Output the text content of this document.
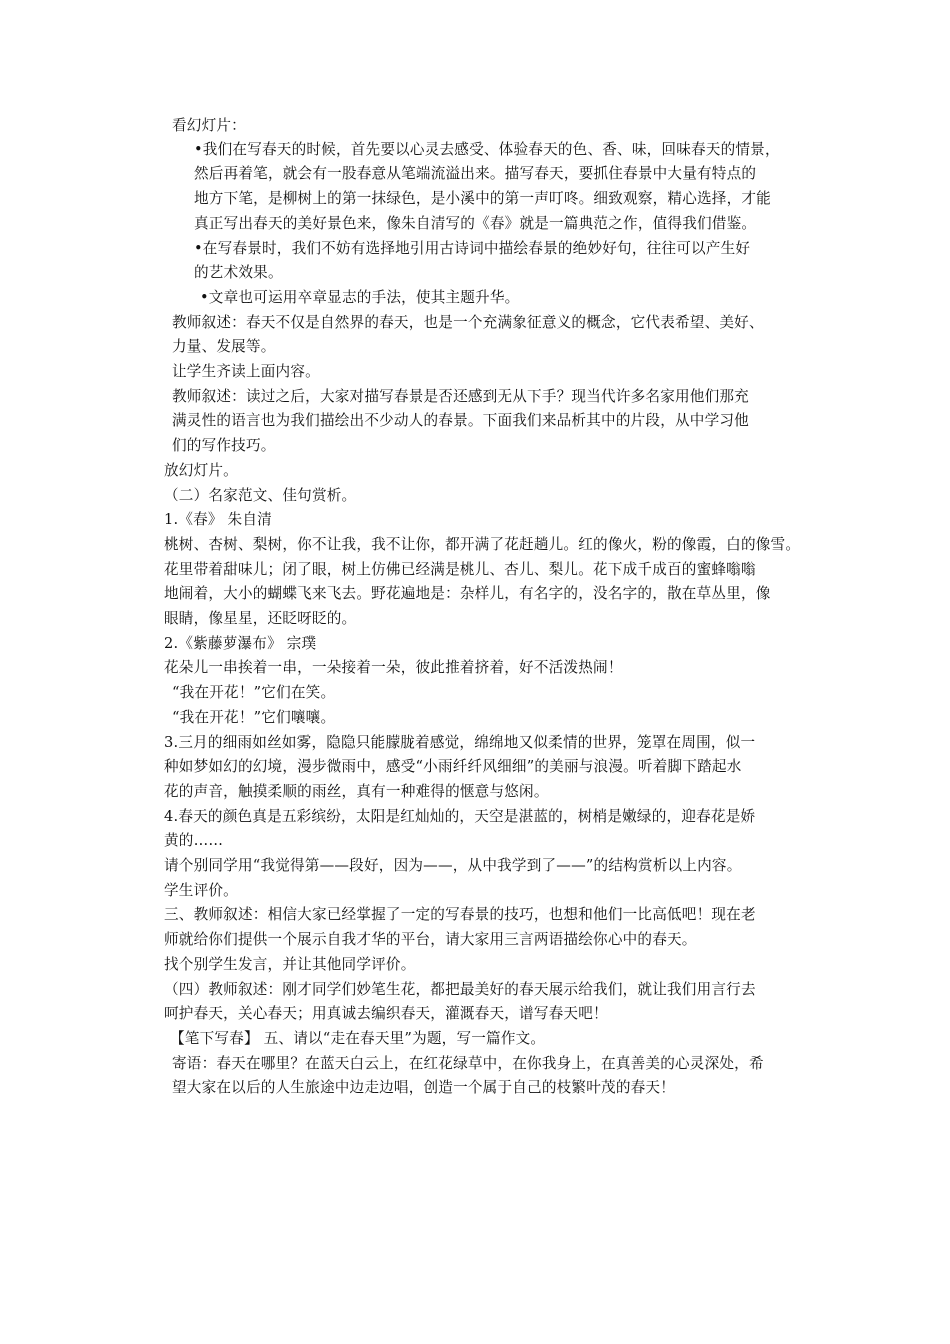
看幻灯片：
•我们在写春天的时候，首先要以心灵去感受、体验春天的色、香、味，回味春天的情景，
然后再着笔，就会有一股春意从笔端流溢出来。描写春天，要抓住春景中大量有特点的
地方下笔，是柳树上的第一抹绿色，是小溪中的第一声叮咚。细致观察，精心选择，才能
真正写出春天的美好景色来，像朱自清写的《春》就是一篇典范之作，值得我们借鉴。
•在写春景时，我们不妨有选择地引用古诗词中描绘春景的绝妙好句，往往可以产生好
的艺术效果。
•文章也可运用卒章显志的手法，使其主题升华。
教师叙述：春天不仅是自然界的春天，也是一个充满象征意义的概念，它代表希望、美好、
力量、发展等。
让学生齐读上面内容。
教师叙述：读过之后，大家对描写春景是否还感到无从下手？现当代许多名家用他们那充
满灵性的语言也为我们描绘出不少动人的春景。下面我们来品析其中的片段，从中学习他
们的写作技巧。
放幻灯片。
（二）名家范文、佳句赏析。
1.《春》 朱自清
桃树、杏树、梨树，你不让我，我不让你，都开满了花赶趟儿。红的像火，粉的像霞，白的像雪。
花里带着甜味儿；闭了眼，树上仿佛已经满是桃儿、杏儿、梨儿。花下成千成百的蜜蜂嗡嗡
地闹着，大小的蝴蝶飞来飞去。野花遍地是：杂样儿，有名字的，没名字的，散在草丛里，像
眼睛，像星星，还眨呀眨的。
2.《紫藤萝瀑布》 宗璞
花朵儿一串挨着一串，一朵接着一朵，彼此推着挤着，好不活泼热闹！
“我在开花！”它们在笑。
“我在开花！”它们嚷嚷。
3.三月的细雨如丝如雾，隐隐只能朦胧着感觉，绵绵地又似柔情的世界，笼罩在周围，似一
种如梦如幻的幻境，漫步微雨中，感受“小雨纤纤风细细”的美丽与浪漫。听着脚下踏起水
花的声音，触摸柔顺的雨丝，真有一种难得的惬意与悠闲。
4.春天的颜色真是五彩缤纷，太阳是红灿灿的，天空是湛蓝的，树梢是嫩绿的，迎春花是娇
黄的……
请个别同学用“我觉得第——段好，因为——，从中我学到了——”的结构赏析以上内容。
学生评价。
三、教师叙述：相信大家已经掌握了一定的写春景的技巧，也想和他们一比高低吧！现在老
师就给你们提供一个展示自我才华的平台，请大家用三言两语描绘你心中的春天。
找个别学生发言，并让其他同学评价。
（四）教师叙述：刚才同学们妙笔生花，都把最美好的春天展示给我们，就让我们用言行去
呵护春天，关心春天；用真诚去编织春天，灌溉春天，谱写春天吧！
【笔下写春】 五、请以“走在春天里”为题，写一篇作文。
寄语：春天在哪里？在蓝天白云上，在红花绿草中，在你我身上，在真善美的心灵深处，希
望大家在以后的人生旅途中边走边唱，创造一个属于自己的枝繁叶茂的春天！
